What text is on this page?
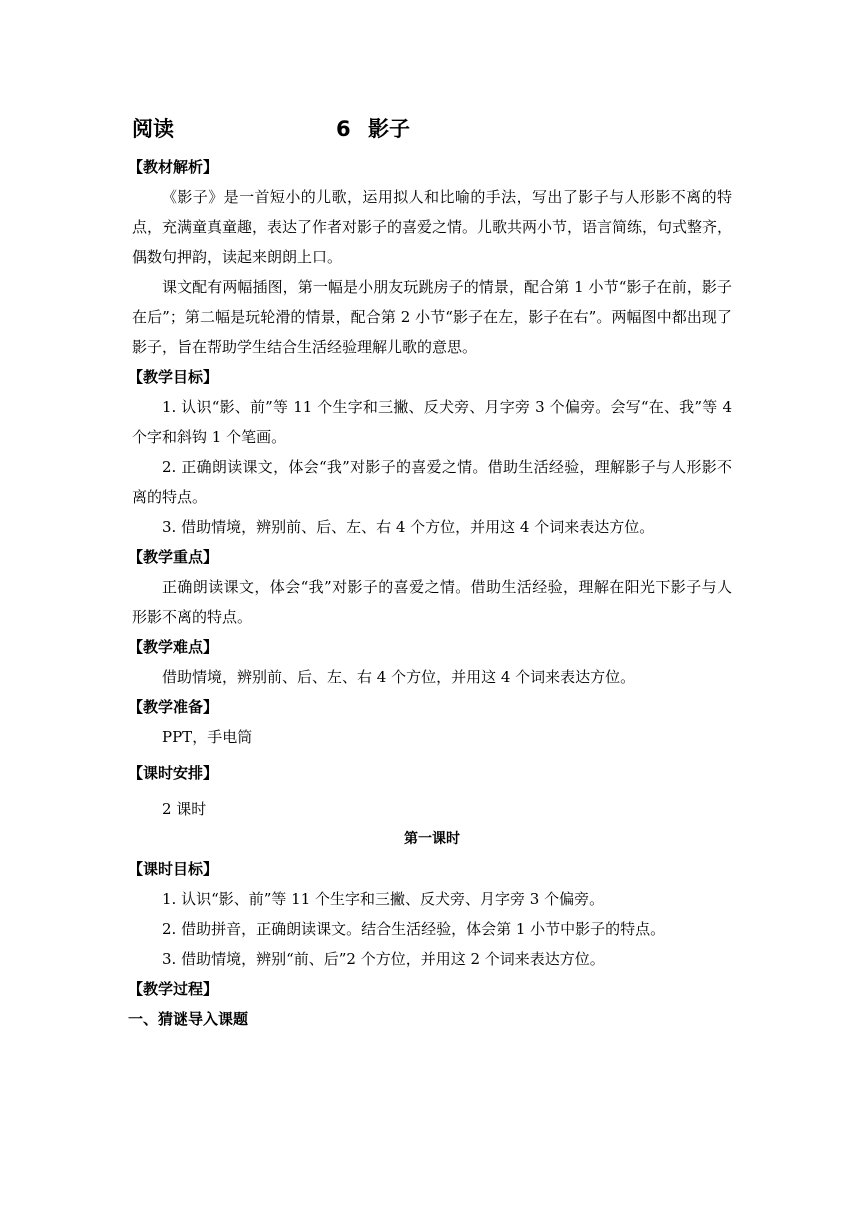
阅读	6 影子
【教材解析】

《影子》是一首短小的儿歌，运用拟人和比喻的手法，写出了影子与人形影不离的特点，充满童真童趣，表达了作者对影子的喜爱之情。儿歌共两小节，语言简练，句式整齐，偶数句押韵，读起来朗朗上口。

课文配有两幅插图，第一幅是小朋友玩跳房子的情景，配合第 1 小节“影子在前，影子在后”；第二幅是玩轮滑的情景，配合第 2 小节“影子在左，影子在右”。两幅图中都出现了影子，旨在帮助学生结合生活经验理解儿歌的意思。

【教学目标】

1. 认识“影、前”等 11 个生字和三撇、反犬旁、月字旁 3 个偏旁。会写“在、我”等 4 个字和斜钩 1 个笔画。

2. 正确朗读课文，体会“我”对影子的喜爱之情。借助生活经验，理解影子与人形影不离的特点。

3. 借助情境，辨别前、后、左、右 4 个方位，并用这 4 个词来表达方位。

【教学重点】

正确朗读课文，体会“我”对影子的喜爱之情。借助生活经验，理解在阳光下影子与人形影不离的特点。

【教学难点】

借助情境，辨别前、后、左、右 4 个方位，并用这 4 个词来表达方位。

【教学准备】

PPT，手电筒

【课时安排】

2 课时

第一课时
【课时目标】

1. 认识“影、前”等 11 个生字和三撇、反犬旁、月字旁 3 个偏旁。

2. 借助拼音，正确朗读课文。结合生活经验，体会第 1 小节中影子的特点。

3. 借助情境，辨别“前、后”2 个方位，并用这 2 个词来表达方位。

【教学过程】
一、猜谜导入课题
